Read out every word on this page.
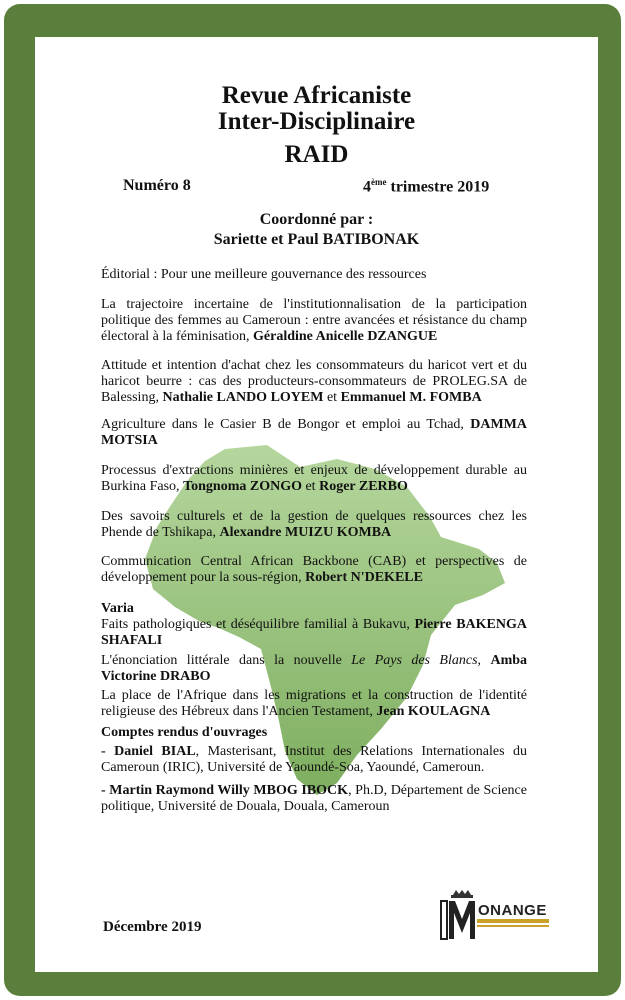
Revue Africaniste
Inter-Disciplinaire
RAID
Numéro 8	4ème trimestre 2019
Coordonné par :
Sariette et Paul BATIBONAK
Éditorial : Pour une meilleure gouvernance des ressources
La trajectoire incertaine de l'institutionnalisation de la participation politique des femmes au Cameroun : entre avancées et résistance du champ électoral à la féminisation, Géraldine Anicelle DZANGUE
Attitude et intention d'achat chez les consommateurs du haricot vert et du haricot beurre : cas des producteurs-consommateurs de PROLEG.SA de Balessing, Nathalie LANDO LOYEM et Emmanuel M. FOMBA
Agriculture dans le Casier B de Bongor et emploi au Tchad, DAMMA MOTSIA
Processus d'extractions minières et enjeux de développement durable au Burkina Faso, Tongnoma ZONGO et Roger ZERBO
Des savoirs culturels et de la gestion de quelques ressources chez les Phende de Tshikapa, Alexandre MUIZU KOMBA
Communication Central African Backbone (CAB) et perspectives de développement pour la sous-région, Robert N'DEKELE
Varia
Faits pathologiques et déséquilibre familial à Bukavu, Pierre BAKENGA SHAFALI
L'énonciation littérale dans la nouvelle Le Pays des Blancs, Amba Victorine DRABO
La place de l'Afrique dans les migrations et la construction de l'identité religieuse des Hébreux dans l'Ancien Testament, Jean KOULAGNA
Comptes rendus d'ouvrages
- Daniel BIAL, Masterisant, Institut des Relations Internationales du Cameroun (IRIC), Université de Yaoundé-Soa, Yaoundé, Cameroun.
- Martin Raymond Willy MBOG IBOCK, Ph.D, Département de Science politique, Université de Douala, Douala, Cameroun
Décembre 2019
ONANGE
